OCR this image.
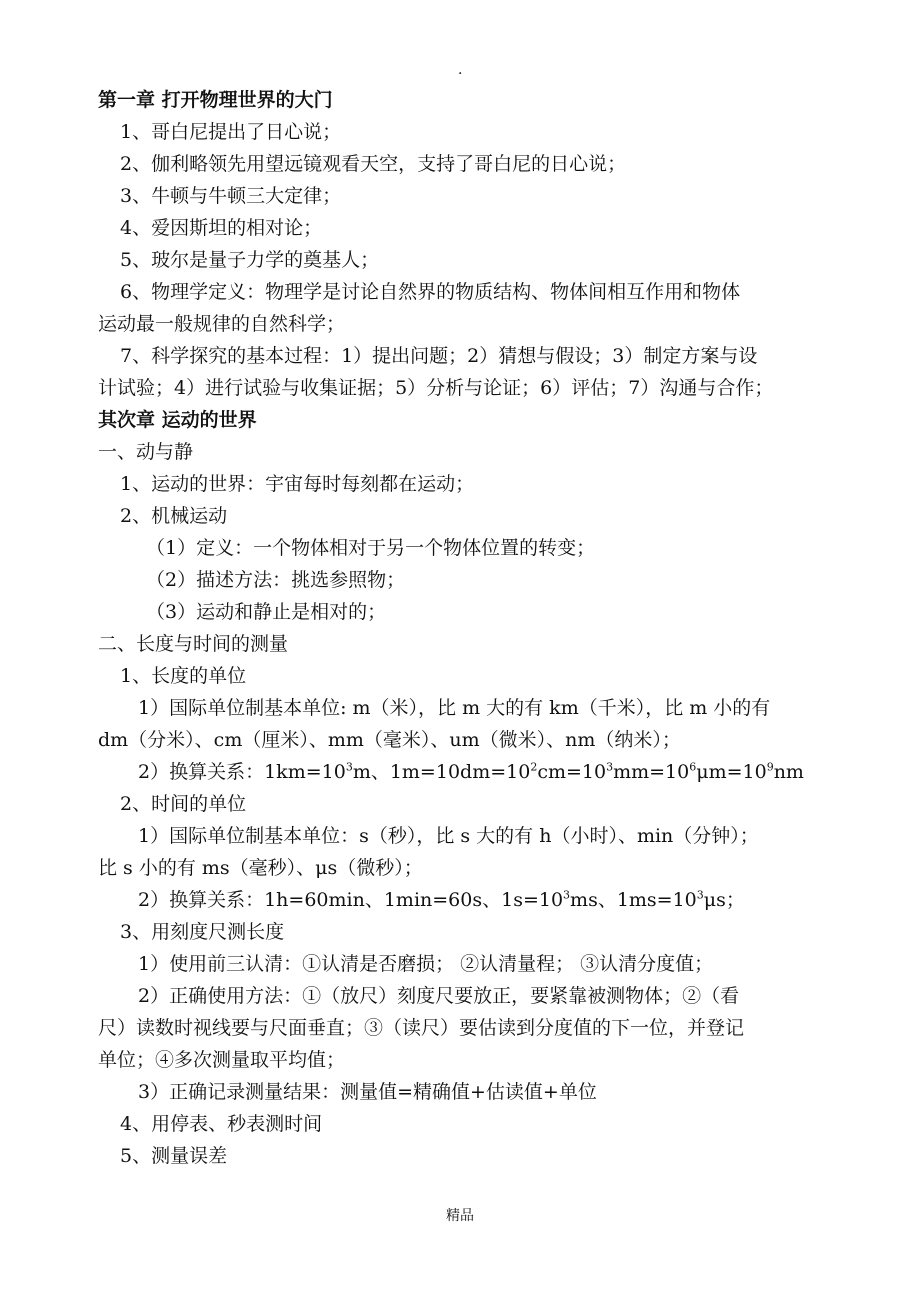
.
第一章 打开物理世界的大门
1、哥白尼提出了日心说；
2、伽利略领先用望远镜观看天空，支持了哥白尼的日心说；
3、牛顿与牛顿三大定律；
4、爱因斯坦的相对论；
5、玻尔是量子力学的奠基人；
6、物理学定义：物理学是讨论自然界的物质结构、物体间相互作用和物体
运动最一般规律的自然科学；
7、科学探究的基本过程：1）提出问题；2）猜想与假设；3）制定方案与设
计试验；4）进行试验与收集证据；5）分析与论证；6）评估；7）沟通与合作；
其次章 运动的世界
一、动与静
1、运动的世界：宇宙每时每刻都在运动；
2、机械运动
（1）定义：一个物体相对于另一个物体位置的转变；
（2）描述方法：挑选参照物；
（3）运动和静止是相对的；
二、长度与时间的测量
1、长度的单位
1）国际单位制基本单位: m（米），比 m 大的有 km（千米），比 m 小的有
dm（分米）、cm（厘米）、mm（毫米）、um（微米）、nm（纳米）；
2）换算关系：$1km=10^3m$、$1m=10dm=10^2cm=10^3mm=10^6\mu m=10^9nm$
2、时间的单位
1）国际单位制基本单位：s（秒），比 s 大的有 h（小时）、min（分钟）；
比 s 小的有 ms（毫秒）、μs（微秒）；
2）换算关系：1h=60min、1min=60s、$1s=10^3ms$、$1ms=10^3\mu s$；
3、用刻度尺测长度
1）使用前三认清：①认清是否磨损； ②认清量程； ③认清分度值；
2）正确使用方法：①（放尺）刻度尺要放正，要紧靠被测物体；②（看
尺）读数时视线要与尺面垂直；③（读尺）要估读到分度值的下一位，并登记
单位；④多次测量取平均值；
3）正确记录测量结果：测量值=精确值+估读值+单位
4、用停表、秒表测时间
5、测量误差
精品
